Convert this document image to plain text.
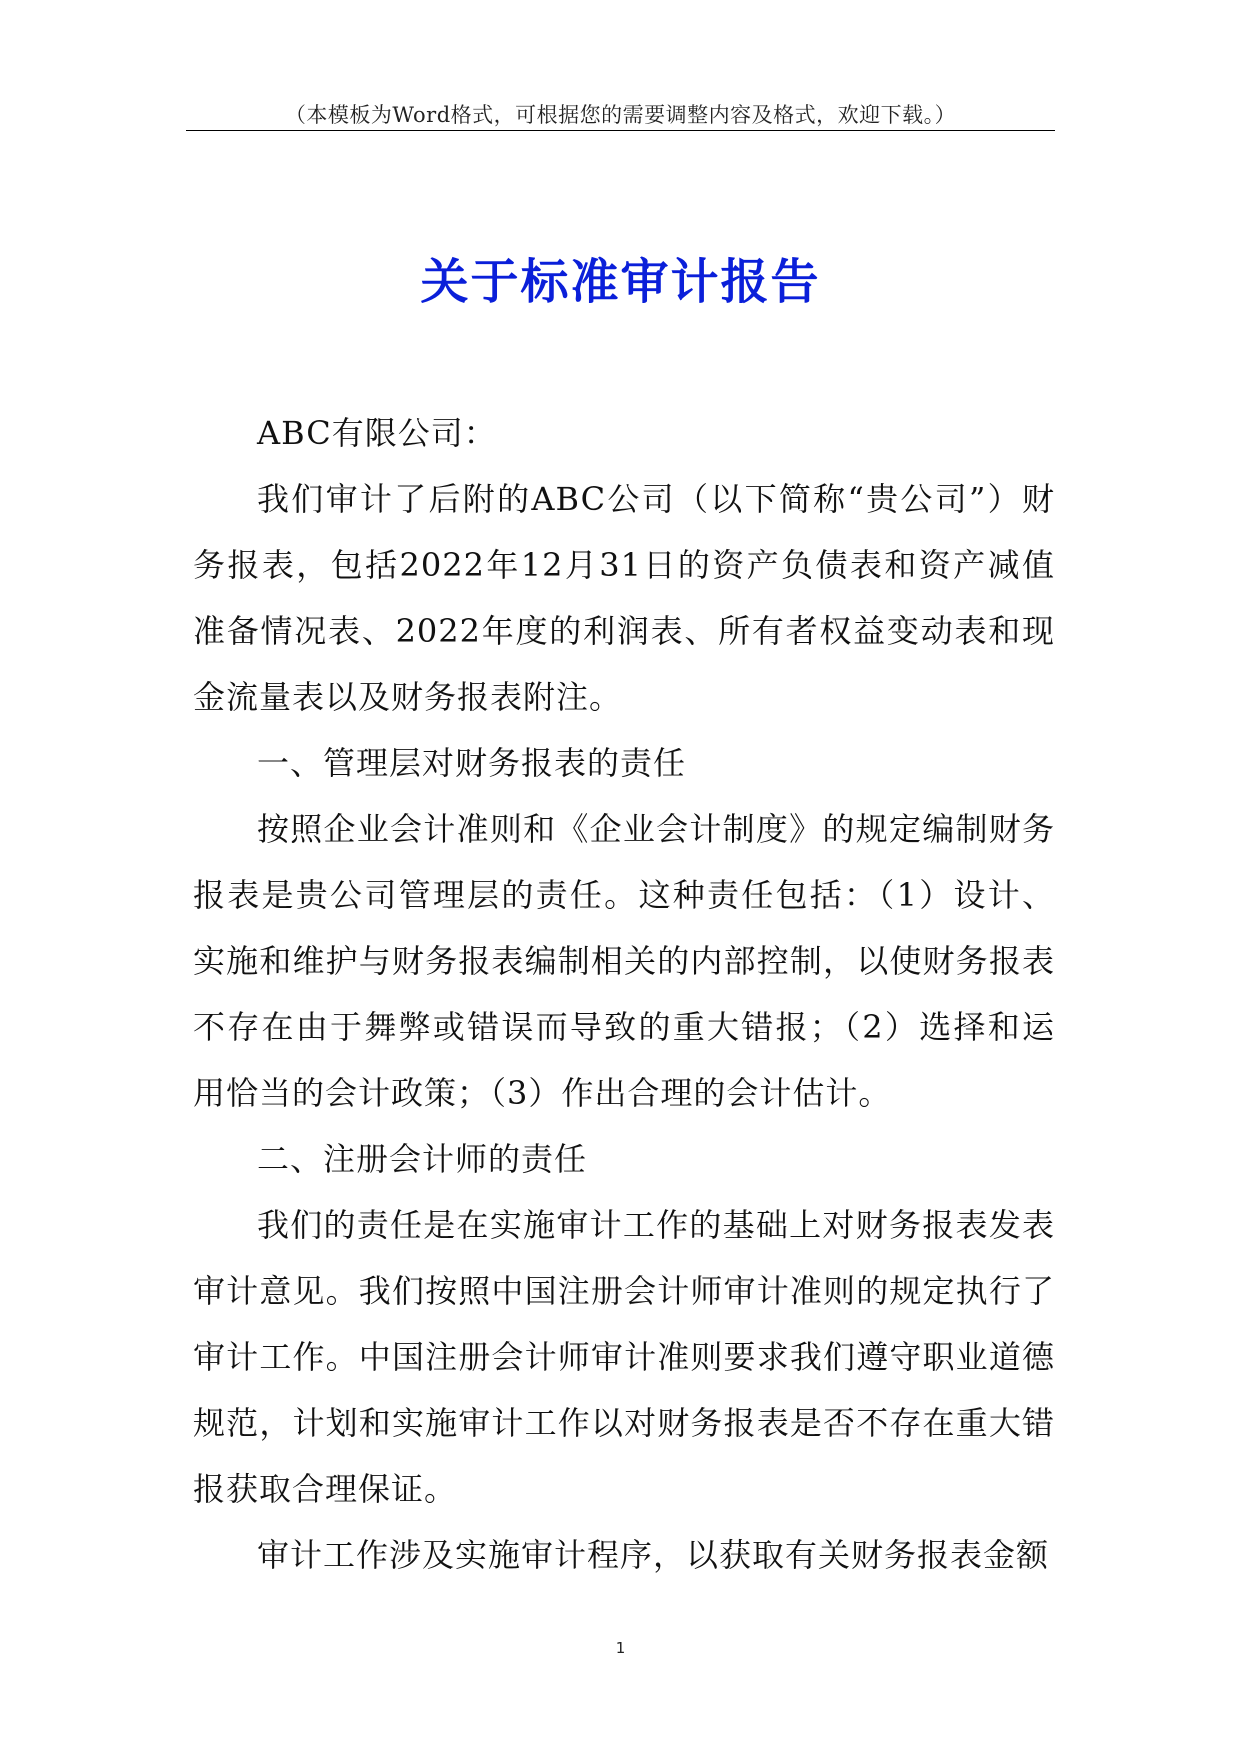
（本模板为Word格式，可根据您的需要调整内容及格式，欢迎下载。）
关于标准审计报告

ABC有限公司：

我们审计了后附的ABC公司（以下简称“贵公司”）财务报表，包括2022年12月31日的资产负债表和资产减值准备情况表、2022年度的利润表、所有者权益变动表和现金流量表以及财务报表附注。

一、管理层对财务报表的责任

按照企业会计准则和《企业会计制度》的规定编制财务报表是贵公司管理层的责任。这种责任包括：（1）设计、实施和维护与财务报表编制相关的内部控制，以使财务报表不存在由于舞弊或错误而导致的重大错报；（2）选择和运用恰当的会计政策；（3）作出合理的会计估计。

二、注册会计师的责任

我们的责任是在实施审计工作的基础上对财务报表发表审计意见。我们按照中国注册会计师审计准则的规定执行了审计工作。中国注册会计师审计准则要求我们遵守职业道德规范，计划和实施审计工作以对财务报表是否不存在重大错报获取合理保证。

审计工作涉及实施审计程序，以获取有关财务报表金额

1
